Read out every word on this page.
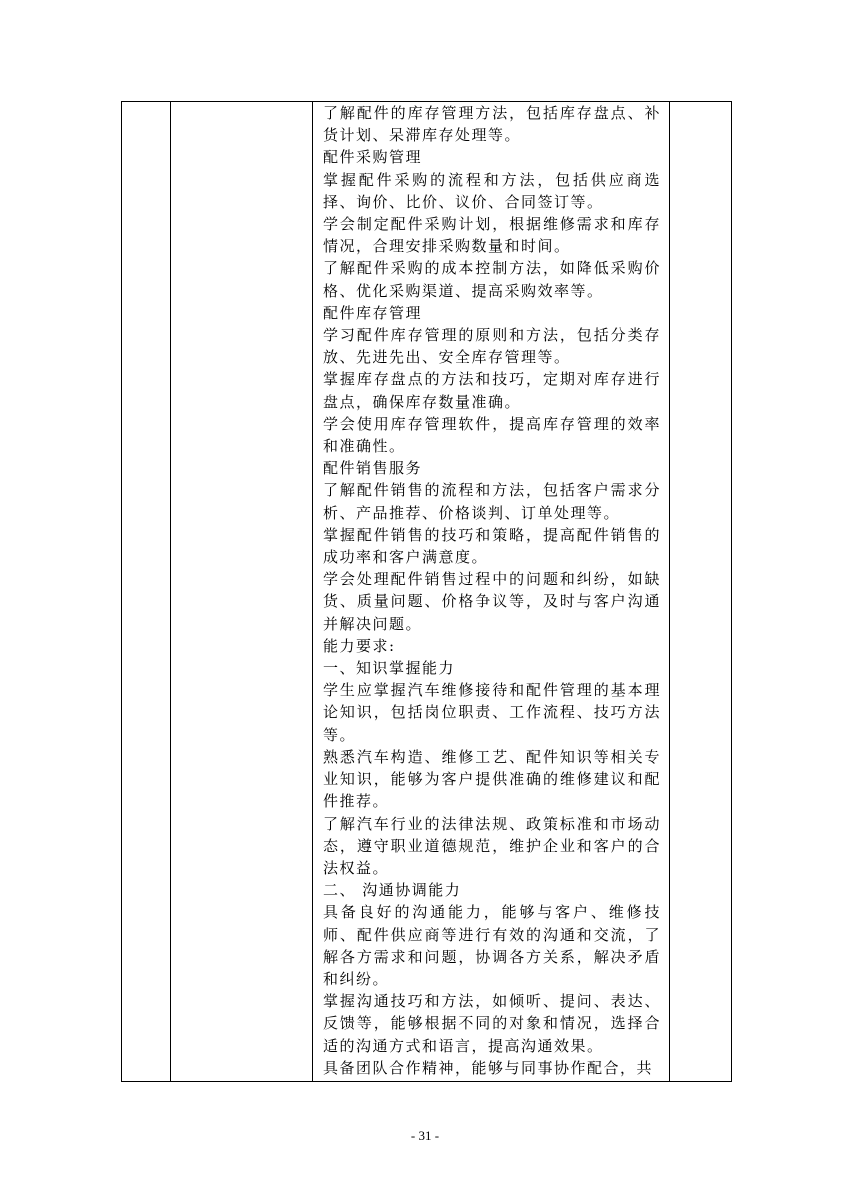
了解配件的库存管理方法，包括库存盘点、补货计划、呆滞库存处理等。

配件采购管理

掌握配件采购的流程和方法，包括供应商选择、询价、比价、议价、合同签订等。

学会制定配件采购计划，根据维修需求和库存情况，合理安排采购数量和时间。

了解配件采购的成本控制方法，如降低采购价格、优化采购渠道、提高采购效率等。

配件库存管理

学习配件库存管理的原则和方法，包括分类存放、先进先出、安全库存管理等。

掌握库存盘点的方法和技巧，定期对库存进行盘点，确保库存数量准确。

学会使用库存管理软件，提高库存管理的效率和准确性。

配件销售服务

了解配件销售的流程和方法，包括客户需求分析、产品推荐、价格谈判、订单处理等。

掌握配件销售的技巧和策略，提高配件销售的成功率和客户满意度。

学会处理配件销售过程中的问题和纠纷，如缺货、质量问题、价格争议等，及时与客户沟通并解决问题。

能力要求:

一、知识掌握能力

学生应掌握汽车维修接待和配件管理的基本理论知识，包括岗位职责、工作流程、技巧方法等。

熟悉汽车构造、维修工艺、配件知识等相关专业知识，能够为客户提供准确的维修建议和配件推荐。

了解汽车行业的法律法规、政策标准和市场动态，遵守职业道德规范，维护企业和客户的合法权益。

二、 沟通协调能力

具备良好的沟通能力，能够与客户、维修技师、配件供应商等进行有效的沟通和交流，了解各方需求和问题，协调各方关系，解决矛盾和纠纷。

掌握沟通技巧和方法，如倾听、提问、表达、反馈等，能够根据不同的对象和情况，选择合适的沟通方式和语言，提高沟通效果。

具备团队合作精神，能够与同事协作配合，共

- 31 -
